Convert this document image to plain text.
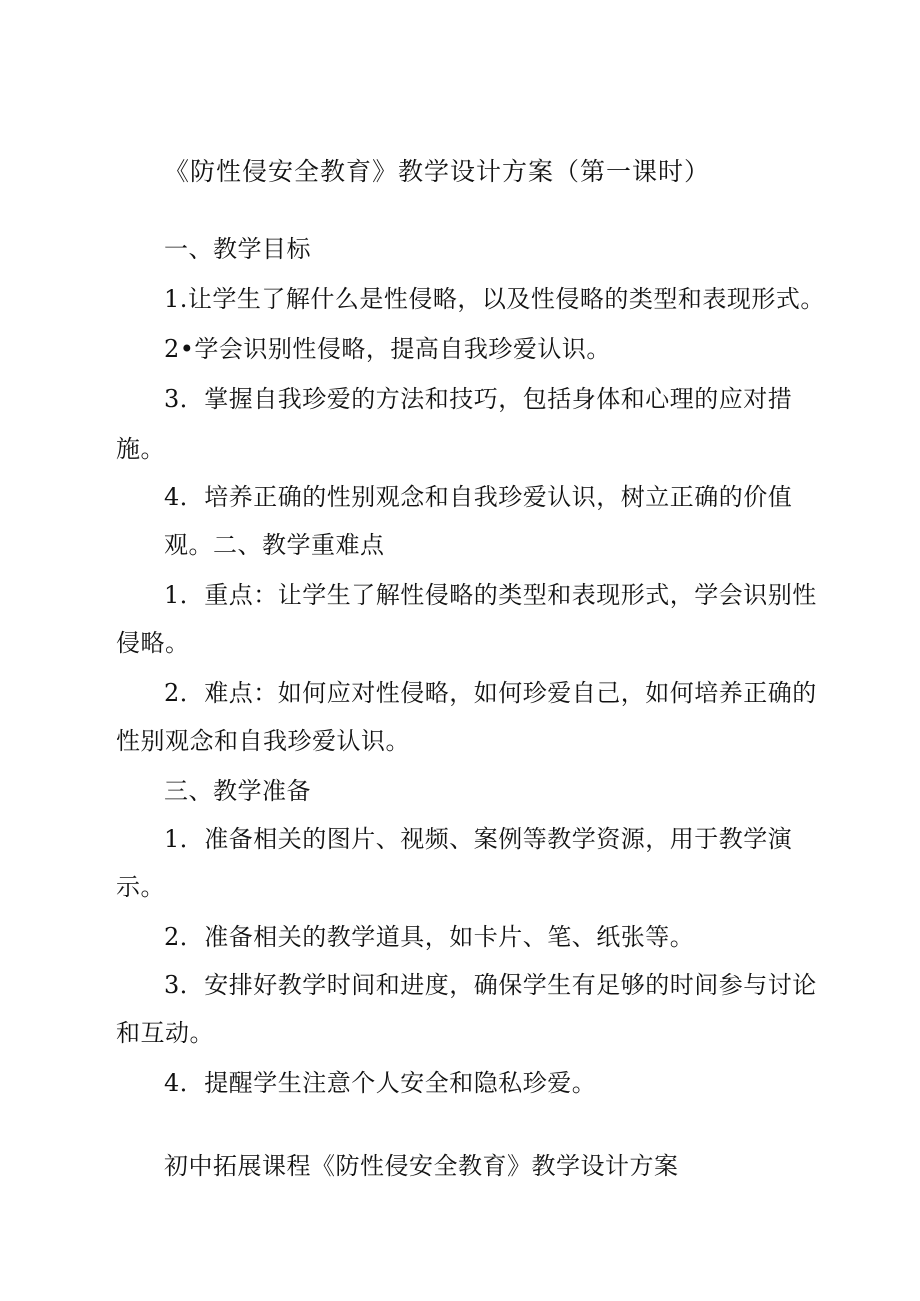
《防性侵安全教育》教学设计方案（第一课时）
一、教学目标
1.让学生了解什么是性侵略，以及性侵略的类型和表现形式。
2•学会识别性侵略，提高自我珍爱认识。
3．掌握自我珍爱的方法和技巧，包括身体和心理的应对措
施。
4．培养正确的性别观念和自我珍爱认识，树立正确的价值
观。二、教学重难点
1．重点：让学生了解性侵略的类型和表现形式，学会识别性
侵略。
2．难点：如何应对性侵略，如何珍爱自己，如何培养正确的
性别观念和自我珍爱认识。
三、教学准备
1．准备相关的图片、视频、案例等教学资源，用于教学演
示。
2．准备相关的教学道具，如卡片、笔、纸张等。
3．安排好教学时间和进度，确保学生有足够的时间参与讨论
和互动。
4．提醒学生注意个人安全和隐私珍爱。
初中拓展课程《防性侵安全教育》教学设计方案
